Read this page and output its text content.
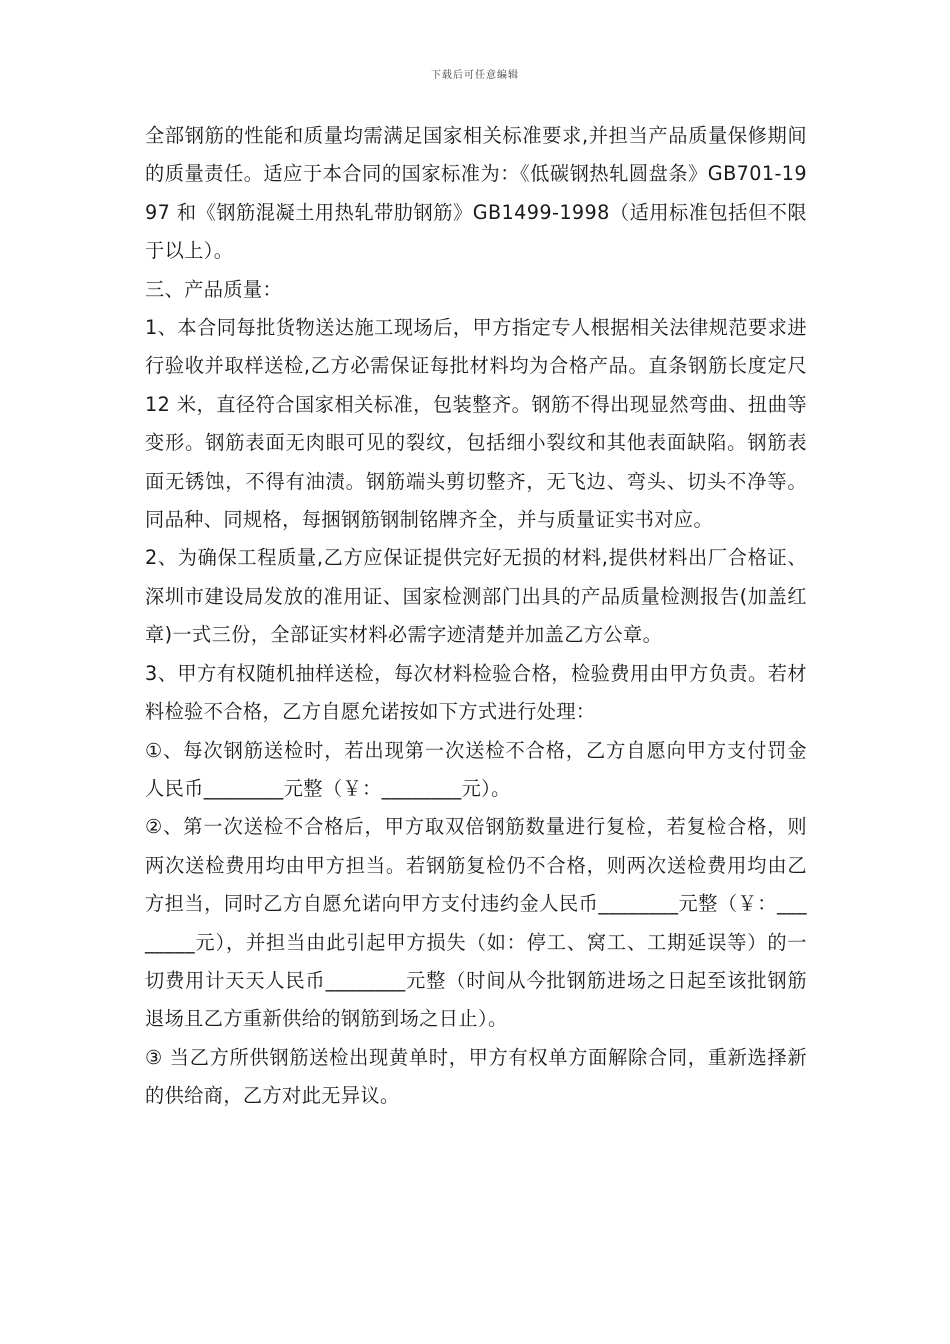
下载后可任意编辑

全部钢筋的性能和质量均需满足国家相关标准要求,并担当产品质量保修期间的质量责任。适应于本合同的国家标准为：《低碳钢热轧圆盘条》GB701-1997 和《钢筋混凝土用热轧带肋钢筋》GB1499-1998（适用标准包括但不限于以上）。

三、产品质量：

1、本合同每批货物送达施工现场后，甲方指定专人根据相关法律规范要求进行验收并取样送检,乙方必需保证每批材料均为合格产品。直条钢筋长度定尺 12 米，直径符合国家相关标准，包装整齐。钢筋不得出现显然弯曲、扭曲等变形。钢筋表面无肉眼可见的裂纹，包括细小裂纹和其他表面缺陷。钢筋表面无锈蚀，不得有油渍。钢筋端头剪切整齐，无飞边、弯头、切头不净等。同品种、同规格，每捆钢筋钢制铭牌齐全，并与质量证实书对应。

2、为确保工程质量,乙方应保证提供完好无损的材料,提供材料出厂合格证、深圳市建设局发放的准用证、国家检测部门出具的产品质量检测报告(加盖红章)一式三份，全部证实材料必需字迹清楚并加盖乙方公章。

3、甲方有权随机抽样送检，每次材料检验合格，检验费用由甲方负责。若材料检验不合格，乙方自愿允诺按如下方式进行处理：

①、每次钢筋送检时，若出现第一次送检不合格，乙方自愿向甲方支付罚金人民币________元整（￥：________元）。

②、第一次送检不合格后，甲方取双倍钢筋数量进行复检，若复检合格，则两次送检费用均由甲方担当。若钢筋复检仍不合格，则两次送检费用均由乙方担当，同时乙方自愿允诺向甲方支付违约金人民币________元整（￥：________元），并担当由此引起甲方损失（如：停工、窝工、工期延误等）的一切费用计天天人民币________元整（时间从今批钢筋进场之日起至该批钢筋退场且乙方重新供给的钢筋到场之日止）。

③ 当乙方所供钢筋送检出现黄单时，甲方有权单方面解除合同，重新选择新的供给商，乙方对此无异议。
